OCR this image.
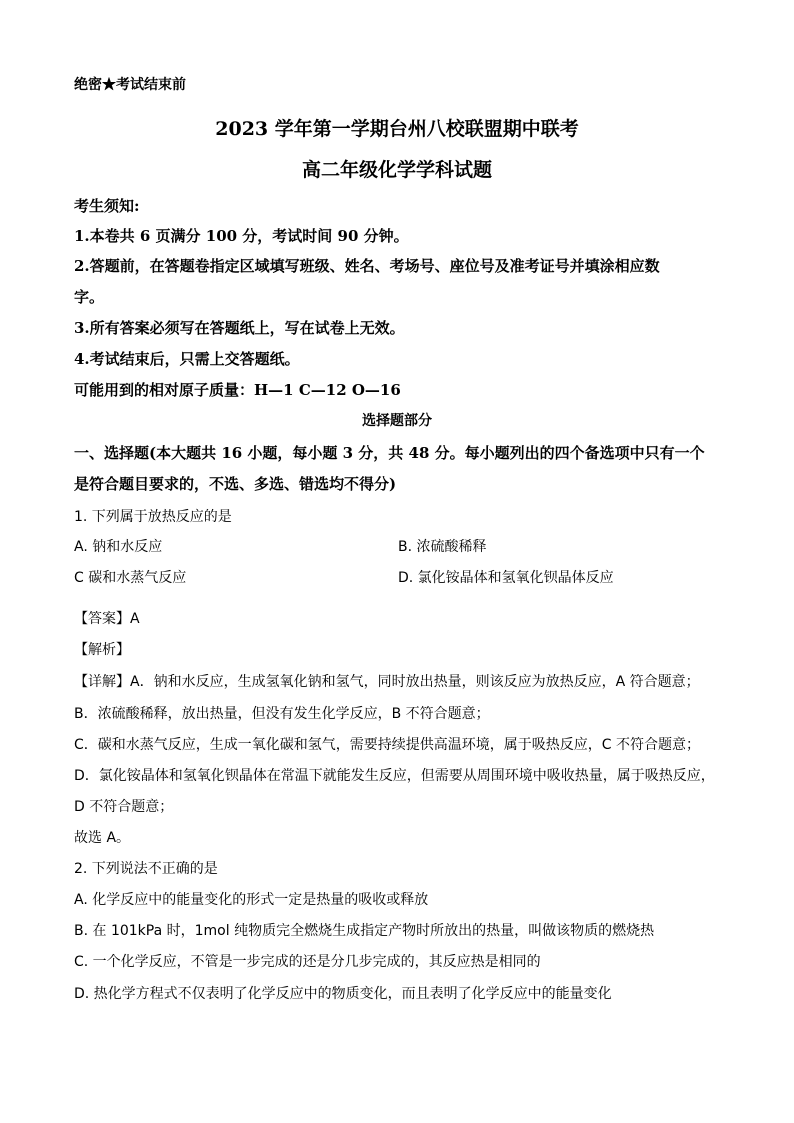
绝密★考试结束前
2023 学年第一学期台州八校联盟期中联考
高二年级化学学科试题
考生须知:
1.本卷共 6 页满分 100 分，考试时间 90 分钟。
2.答题前，在答题卷指定区域填写班级、姓名、考场号、座位号及准考证号并填涂相应数
字。
3.所有答案必须写在答题纸上，写在试卷上无效。
4.考试结束后，只需上交答题纸。
可能用到的相对原子质量：H—1 C—12 O—16
选择题部分
一、选择题(本大题共 16 小题，每小题 3 分，共 48 分。每小题列出的四个备选项中只有一个
是符合题目要求的，不选、多选、错选均不得分)
1. 下列属于放热反应的是
A. 钠和水反应	B. 浓硫酸稀释
C 碳和水蒸气反应	D. 氯化铵晶体和氢氧化钡晶体反应
【答案】A
【解析】
【详解】A．钠和水反应，生成氢氧化钠和氢气，同时放出热量，则该反应为放热反应，A 符合题意；
B．浓硫酸稀释，放出热量，但没有发生化学反应，B 不符合题意；
C．碳和水蒸气反应，生成一氧化碳和氢气，需要持续提供高温环境，属于吸热反应，C 不符合题意；
D．氯化铵晶体和氢氧化钡晶体在常温下就能发生反应，但需要从周围环境中吸收热量，属于吸热反应，
D 不符合题意；
故选 A。
2. 下列说法不正确的是
A. 化学反应中的能量变化的形式一定是热量的吸收或释放
B. 在 101kPa 时，1mol 纯物质完全燃烧生成指定产物时所放出的热量，叫做该物质的燃烧热
C. 一个化学反应，不管是一步完成的还是分几步完成的，其反应热是相同的
D. 热化学方程式不仅表明了化学反应中的物质变化，而且表明了化学反应中的能量变化
